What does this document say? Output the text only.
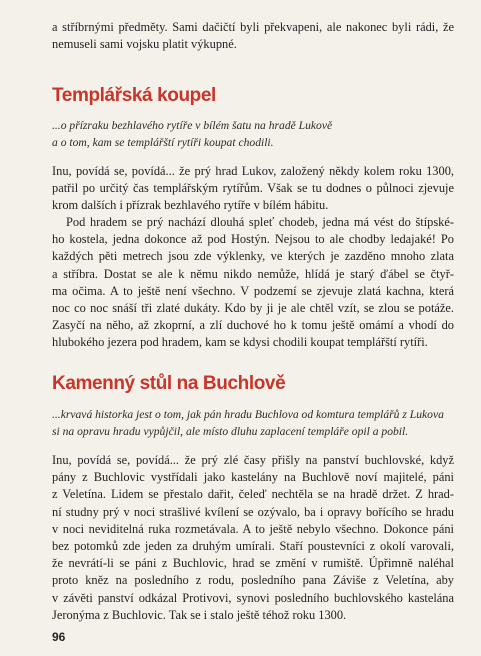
a stříbrnými předměty. Sami dačičtí byli překvapeni, ale nakonec byli rádi, že
nemuseli sami vojsku platit výkupné.

Templářská koupel
...o přízraku bezhlavého rytíře v bílém šatu na hradě Lukově
a o tom, kam se templářští rytíři koupat chodili.

Inu, povídá se, povídá... že prý hrad Lukov, založený někdy kolem roku 1300,
patřil po určitý čas templářským rytířům. Však se tu dodnes o půlnoci zjevuje
krom dalších i přízrak bezhlavého rytíře v bílém hábitu.

Pod hradem se prý nachází dlouhá spleť chodeb, jedna má vést do štípské-
ho kostela, jedna dokonce až pod Hostýn. Nejsou to ale chodby ledajaké! Po
každých pěti metrech jsou zde výklenky, ve kterých je zazděno mnoho zlata
a stříbra. Dostat se ale k němu nikdo nemůže, hlídá je starý ďábel se čtyř-
ma očima. A to ještě není všechno. V podzemí se zjevuje zlatá kachna, která
noc co noc snáší tři zlaté dukáty. Kdo by ji je ale chtěl vzít, se zlou se potáže.
Zasyčí na něho, až zkoprní, a zlí duchové ho k tomu ještě omámí a vhodí do
hlubokého jezera pod hradem, kam se kdysi chodili koupat templářští rytíři.

Kamenný stůl na Buchlově
...krvavá historka jest o tom, jak pán hradu Buchlova od komtura templářů z Lukova
si na opravu hradu vypůjčil, ale místo dluhu zaplacení templáře opil a pobil.

Inu, povídá se, povídá... že prý zlé časy přišly na panství buchlovské, když
pány z Buchlovic vystřídali jako kastelány na Buchlově noví majitelé, páni
z Veletína. Lidem se přestalo dařit, čeleď nechtěla se na hradě držet. Z hrad-
ní studny prý v noci strašlivé kvílení se ozývalo, ba i opravy bořícího se hradu
v noci neviditelná ruka rozmetávala. A to ještě nebylo všechno. Dokonce páni
bez potomků zde jeden za druhým umírali. Staří poustevníci z okolí varovali,
že nevrátí-li se páni z Buchlovic, hrad se změní v rumiště. Úpřimně naléhal
proto kněz na posledního z rodu, posledního pana Záviše z Veletína, aby
v závěti panství odkázal Protivovi, synovi posledního buchlovského kastelána
Jeronýma z Buchlovic. Tak se i stalo ještě téhož roku 1300.

96
